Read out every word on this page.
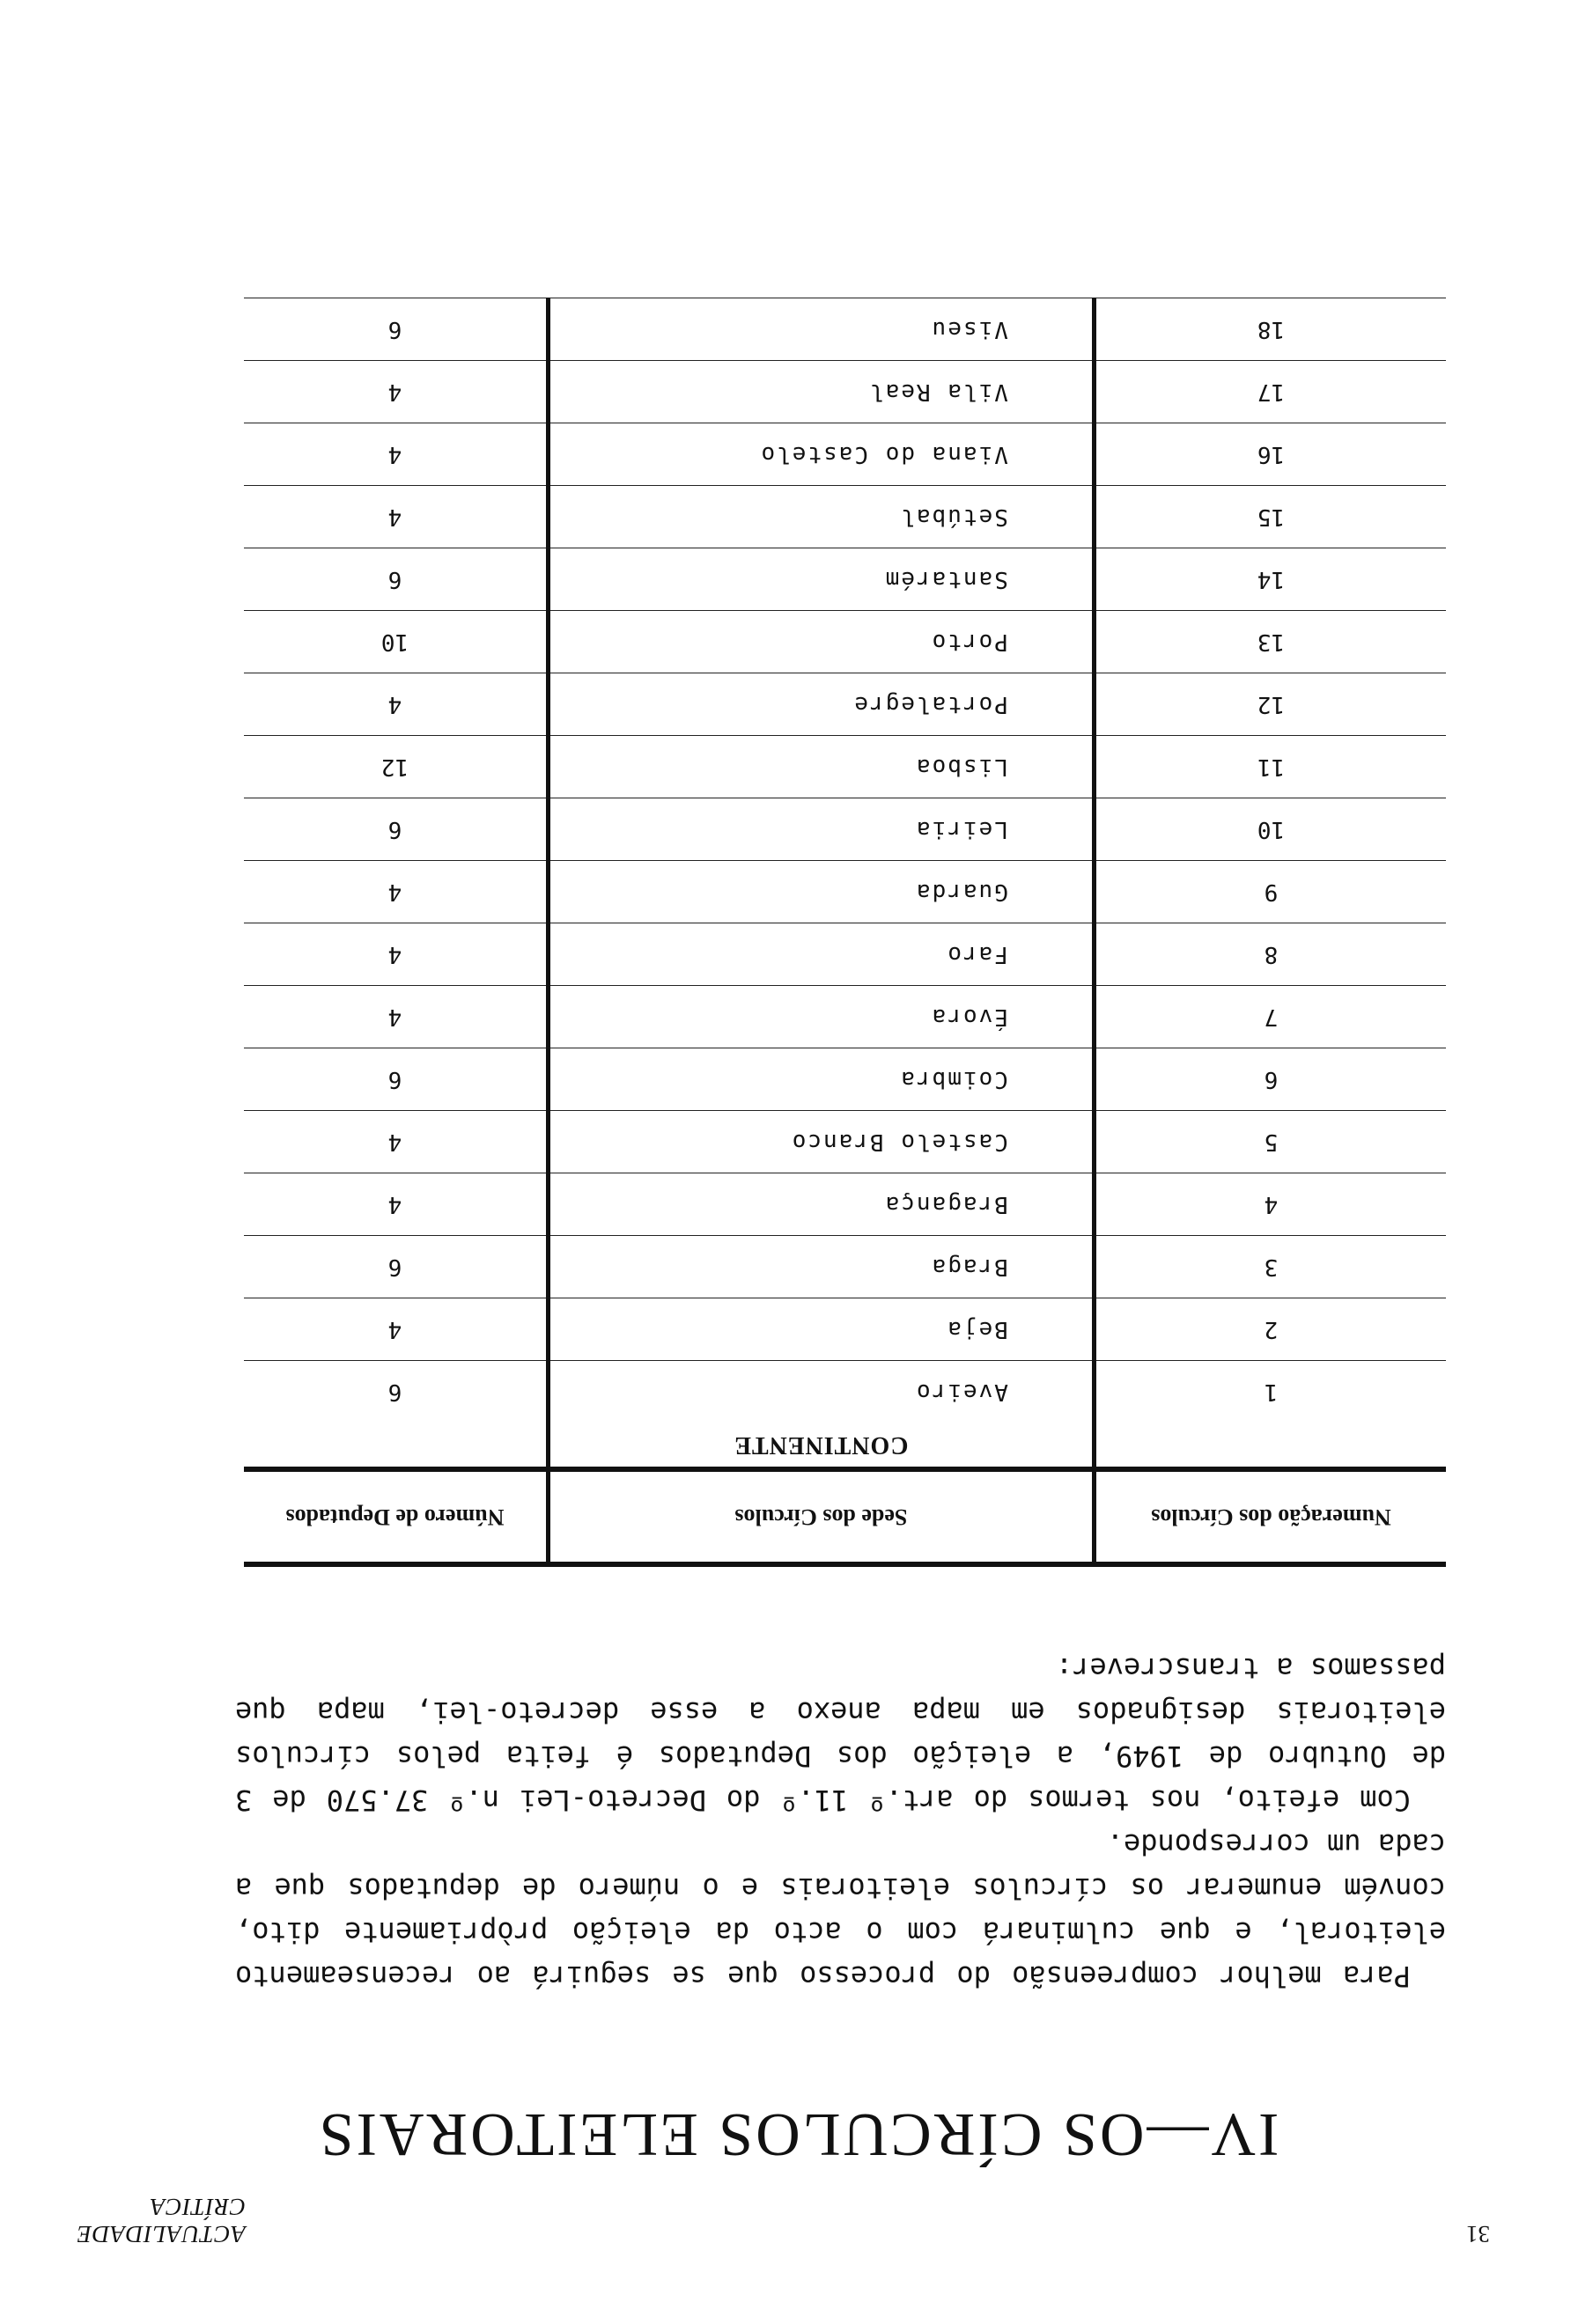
ACTUALIDADE CRÍTICA
31
IV—OS CÍRCULOS ELEITORAIS

Para melhor compreensão do processo que se seguirá ao recenseamento eleitoral, e que culminará com o acto da eleição pròpriamente dito, convém enumerar os círculos eleitorais e o número de deputados que a cada um corresponde.

Com efeito, nos termos do art.º 11.º do Decreto-Lei n.º 37.570 de 3 de Outubro de 1949, a eleição dos Deputados é feita pelos círculos eleitorais designados em mapa anexo a esse decreto-lei, mapa que passamos a transcrever:

Numeração dos Círculos	Sede dos Círculos	Número de Deputados
	CONTINENTE	
1	Aveiro	6
2	Beja	4
3	Braga	6
4	Bragança	4
5	Castelo Branco	4
6	Coimbra	6
7	Évora	4
8	Faro	4
9	Guarda	4
10	Leiria	6
11	Lisboa	12
12	Portalegre	4
13	Porto	10
14	Santarém	6
15	Setúbal	4
16	Viana do Castelo	4
17	Vila Real	4
18	Viseu	6
